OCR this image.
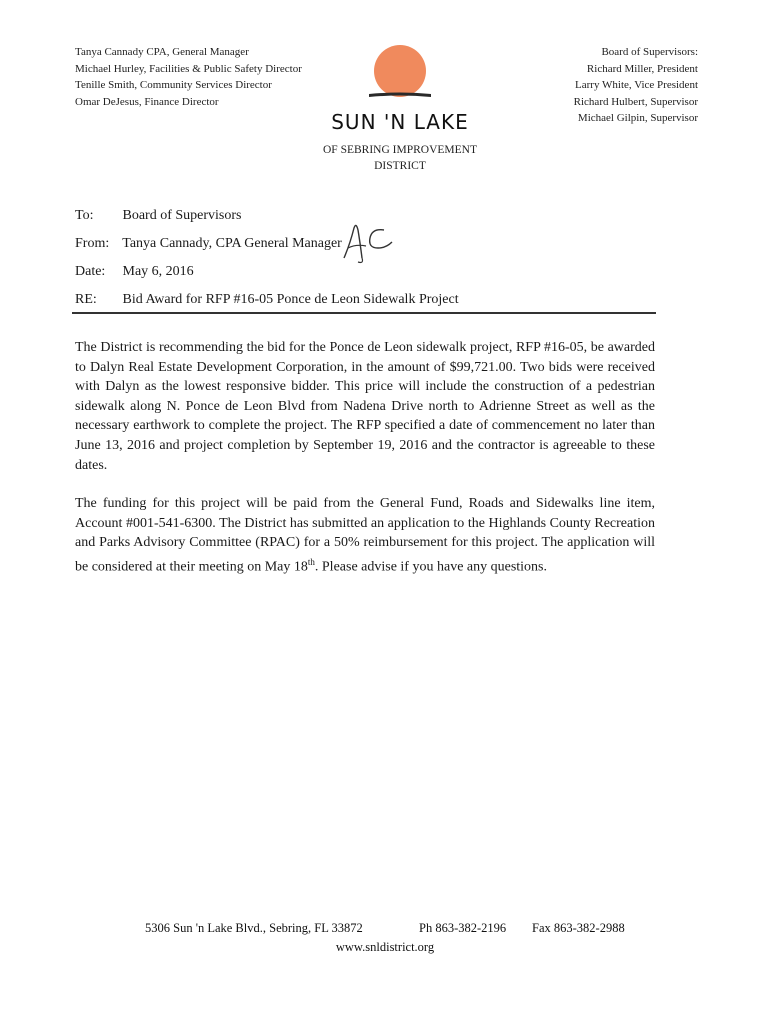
Tanya Cannady CPA, General Manager
Michael Hurley, Facilities & Public Safety Director
Tenille Smith, Community Services Director
Omar DeJesus, Finance Director
SUN 'N LAKE
OF SEBRING IMPROVEMENT
DISTRICT
Board of Supervisors:
Richard Miller, President
Larry White, Vice President
Richard Hulbert, Supervisor
Michael Gilpin, Supervisor
To: Board of Supervisors
From: Tanya Cannady, CPA General Manager
Date: May 6, 2016
RE: Bid Award for RFP #16-05 Ponce de Leon Sidewalk Project

The District is recommending the bid for the Ponce de Leon sidewalk project, RFP #16-05, be awarded to Dalyn Real Estate Development Corporation, in the amount of $99,721.00. Two bids were received with Dalyn as the lowest responsive bidder. This price will include the construction of a pedestrian sidewalk along N. Ponce de Leon Blvd from Nadena Drive north to Adrienne Street as well as the necessary earthwork to complete the project. The RFP specified a date of commencement no later than June 13, 2016 and project completion by September 19, 2016 and the contractor is agreeable to these dates.

The funding for this project will be paid from the General Fund, Roads and Sidewalks line item, Account #001-541-6300. The District has submitted an application to the Highlands County Recreation and Parks Advisory Committee (RPAC) for a 50% reimbursement for this project. The application will be considered at their meeting on May 18th. Please advise if you have any questions.

5306 Sun 'n Lake Blvd., Sebring, FL 33872	Ph 863-382-2196 Fax 863-382-2988
www.snldistrict.org
